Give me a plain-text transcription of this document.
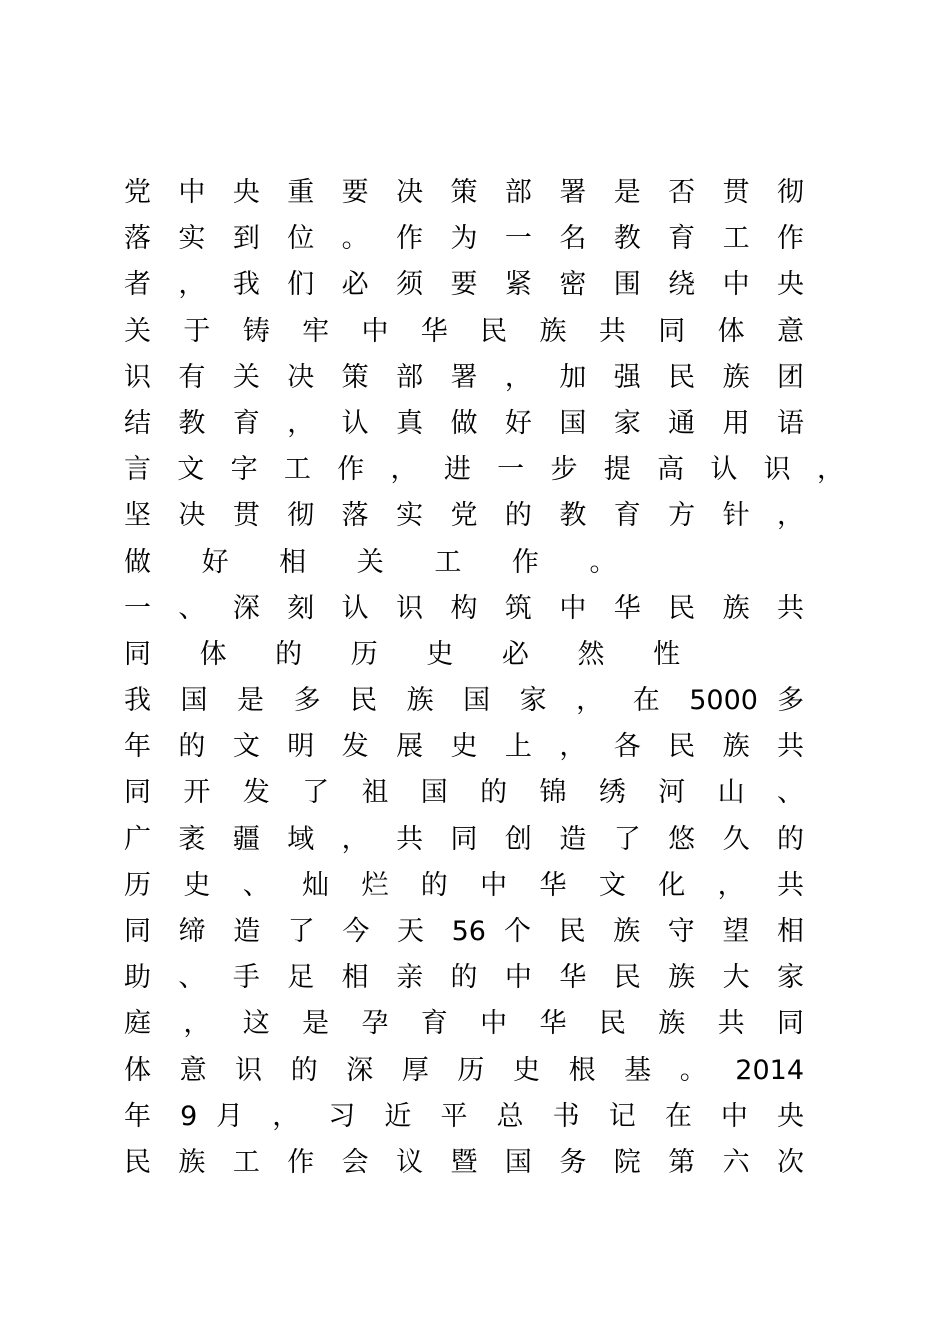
党 中 央 重 要 决 策 部 署 是 否 贯 彻
落 实 到 位 。 作 为 一 名 教 育 工 作
者 ， 我 们 必 须 要 紧 密 围 绕 中 央
关 于 铸 牢 中 华 民 族 共 同 体 意
识 有 关 决 策 部 署 ， 加 强 民 族 团
结 教 育 ， 认 真 做 好 国 家 通 用 语
言 文 字 工 作 ， 进 一 步 提 高 认 识 ，
坚 决 贯 彻 落 实 党 的 教 育 方 针 ，
做 好 相 关 工 作 。
一 、 深 刻 认 识 构 筑 中 华 民 族 共
同 体 的 历 史 必 然 性
我 国 是 多 民 族 国 家 ， 在 5000 多
年 的 文 明 发 展 史 上 ， 各 民 族 共
同 开 发 了 祖 国 的 锦 绣 河 山 、
广 袤 疆 域 ， 共 同 创 造 了 悠 久 的
历 史 、 灿 烂 的 中 华 文 化 ， 共
同 缔 造 了 今 天 56 个 民 族 守 望 相
助 、 手 足 相 亲 的 中 华 民 族 大 家
庭 ， 这 是 孕 育 中 华 民 族 共 同
体 意 识 的 深 厚 历 史 根 基 。 2014
年 9 月 ， 习 近 平 总 书 记 在 中 央
民 族 工 作 会 议 暨 国 务 院 第 六 次
